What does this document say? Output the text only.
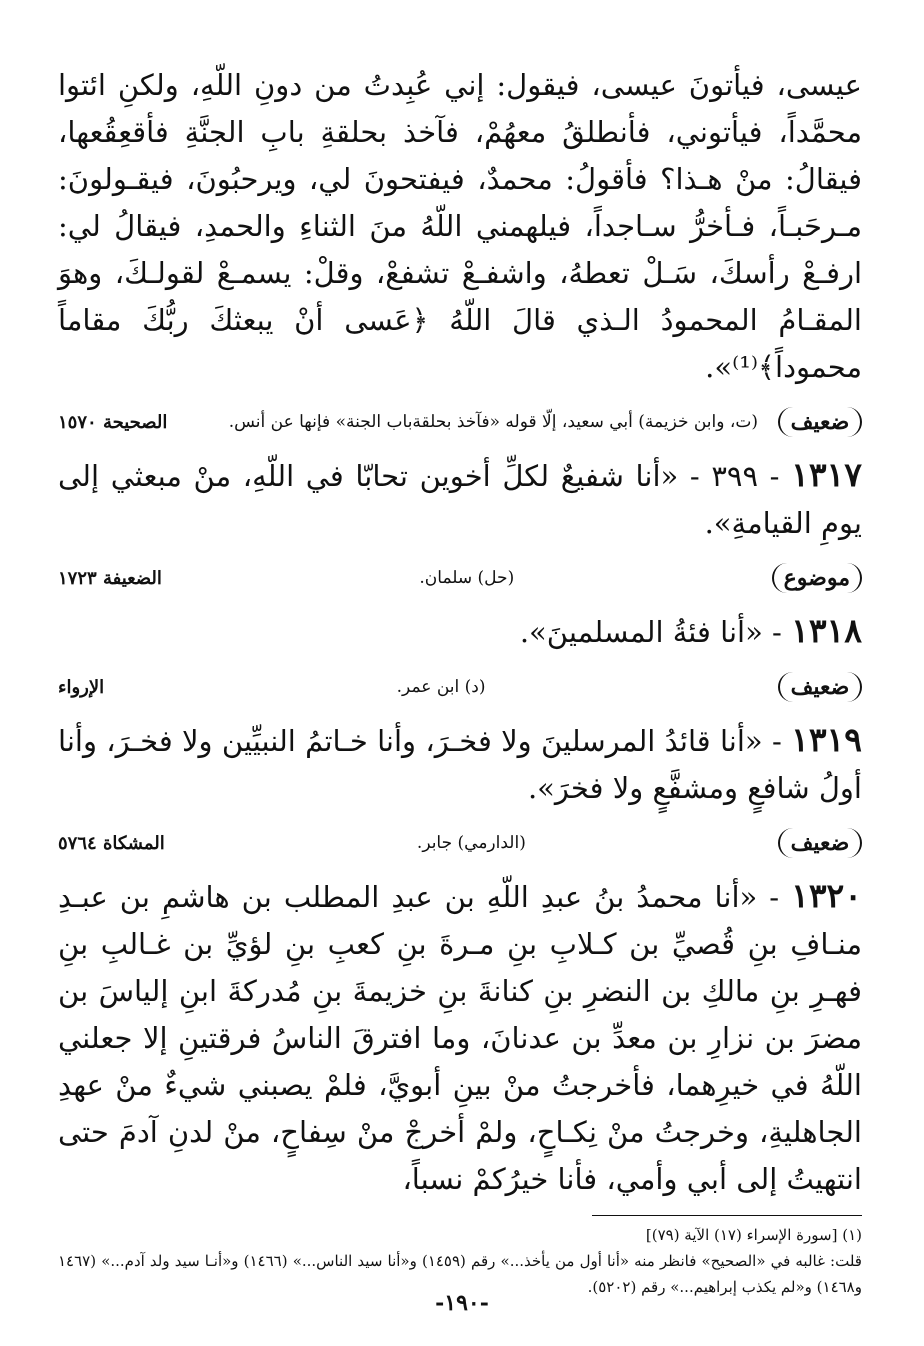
عيسى، فيأتونَ عيسى، فيقول: إني عُبِدتُ من دونِ اللّهِ، ولكنِ ائتوا محمَّداً، فيأتوني، فأنطلقُ معهُمْ، فآخذ بحلقةِ بابِ الجنَّةِ فأقعِقُعها، فيقالُ: منْ هـذا؟ فأقولُ: محمدٌ، فيفتحونَ لي، ويرحبُونَ، فيقـولونَ: مـرحَبـاً، فـأخرُّ سـاجداً، فيلهمني اللّهُ منَ الثناءِ والحمدِ، فيقالُ لي: ارفـعْ رأسكَ، سَـلْ تعطهُ، واشفـعْ تشفعْ، وقلْ: يسمـعْ لقولـكَ، وهوَ المقـامُ المحمودُ الـذي قالَ اللّهُ ﴿عَسى أنْ يبعثكَ ربُّكَ مقاماً محموداً﴾⁽¹⁾».

ضعيف
(ت، وابن خزيمة) أبي سعيد، إلّا قوله «فآخذ بحلقةباب الجنة» فإنها عن أنس.
الصحيحة ١٥٧٠

١٣١٧ - ٣٩٩ - «أنا شفيعٌ لكلِّ أخوين تحابّا في اللّهِ، منْ مبعثي إلى يومِ القيامةِ».

موضوع
(حل) سلمان.
الضعيفة ١٧٢٣

١٣١٨ - «أنا فئةُ المسلمينَ».

ضعيف
(د) ابن عمر.
الإرواء

١٣١٩ - «أنا قائدُ المرسلينَ ولا فخـرَ، وأنا خـاتمُ النبيِّين ولا فخـرَ، وأنا أولُ شافعٍ ومشفَّعٍ ولا فخرَ».

ضعيف
(الدارمي) جابر.
المشكاة ٥٧٦٤

١٣٢٠ - «أنا محمدُ بنُ عبدِ اللّهِ بن عبدِ المطلب بن هاشمِ بن عبـدِ منـافِ بنِ قُصيِّ بن كـلابِ بنِ مـرةَ بنِ كعبِ بنِ لؤيِّ بن غـالبِ بنِ فهـرِ بنِ مالكِ بن النضرِ بنِ كنانةَ بنِ خزيمةَ بنِ مُدركةَ ابنِ إلياسَ بن مضرَ بن نزارِ بن معدِّ بن عدنانَ، وما افترقَ الناسُ فرقتينِ إلا جعلني اللّهُ في خيرِهما، فأخرجتُ منْ بينِ أبويَّ، فلمْ يصبني شيءٌ منْ عهدِ الجاهليةِ، وخرجتُ منْ نِكـاحٍ، ولمْ أخرجْ منْ سِفاحٍ، منْ لدنِ آدمَ حتى انتهيتُ إلى أبي وأمي، فأنا خيرُكمْ نسباً،

(١) [سورة الإسراء (١٧) الآية (٧٩)]

قلت: غالبه في «الصحيح» فانظر منه «أنا أول من يأخذ...» رقم (١٤٥٩) و«أنا سيد الناس...» (١٤٦٦) و«أنـا سيد ولد آدم...» (١٤٦٧ و١٤٦٨) و«لم يكذب إبراهيم...» رقم (٥٢٠٢).

-١٩٠-
